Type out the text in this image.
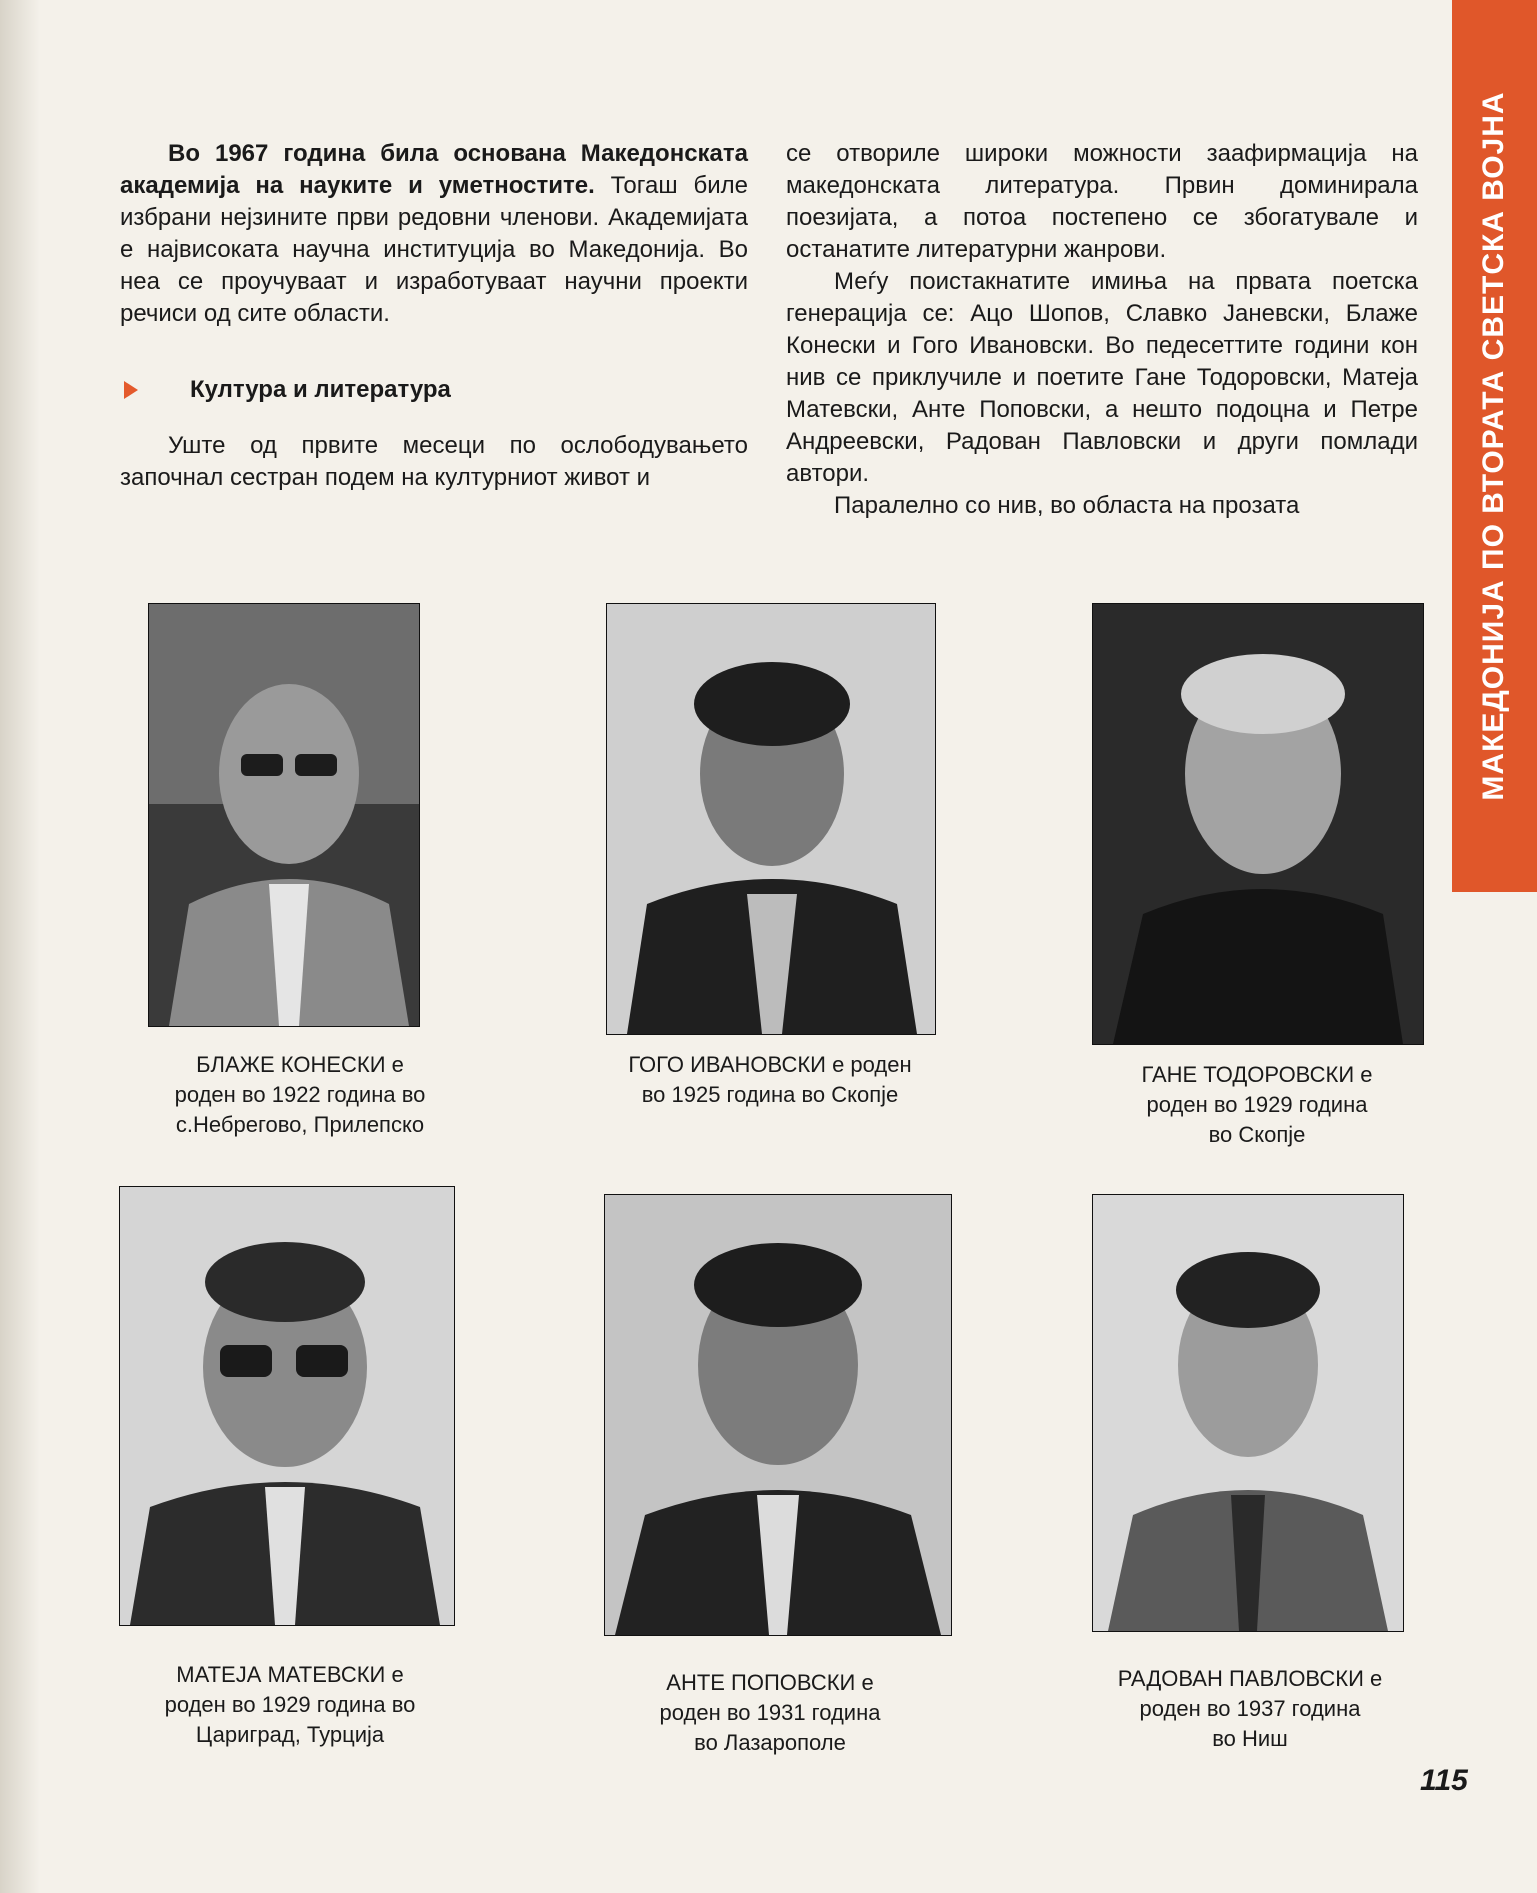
МАКЕДОНИЈА ПО ВТОРАТА СВЕТСКА ВОЈНА

Во 1967 година била основана Македонската академија на науките и уметностите. Тогаш биле избрани нејзините први редовни членови. Академијата е највисоката научна институција во Македонија. Во неа се проучуваат и изработуваат научни проекти речиси од сите области.

Култура и литература

Уште од првите месеци по ослободувањето започнал сестран подем на културниот живот и

се отвориле широки можности заафирмација на македонската литература. Првин доминирала поезијата, а потоа постепено се збогатувале и останатите литературни жанрови.

Меѓу поистакнатите имиња на првата поетска генерација се: Ацо Шопов, Славко Јаневски, Блаже Конески и Гого Ивановски. Во педесеттите години кон нив се приклучиле и поетите Гане Тодоровски, Матеја Матевски, Анте Поповски, а нешто подоцна и Петре Андреевски, Радован Павловски и други помлади автори.

Паралелно со нив, во областа на прозата

БЛАЖЕ КОНЕСКИ е
роден во 1922 година во
с.Небрегово, Прилепско
ГОГО ИВАНОВСКИ е роден
во 1925 година во Скопје
ГАНЕ ТОДОРОВСКИ е
роден во 1929 година
во Скопје
МАТЕЈА МАТЕВСКИ е
роден во 1929 година во
Цариград, Турција
АНТЕ ПОПОВСКИ е
роден во 1931 година
во Лазарополе
РАДОВАН ПАВЛОВСКИ е
роден во 1937 година
во Ниш
115
